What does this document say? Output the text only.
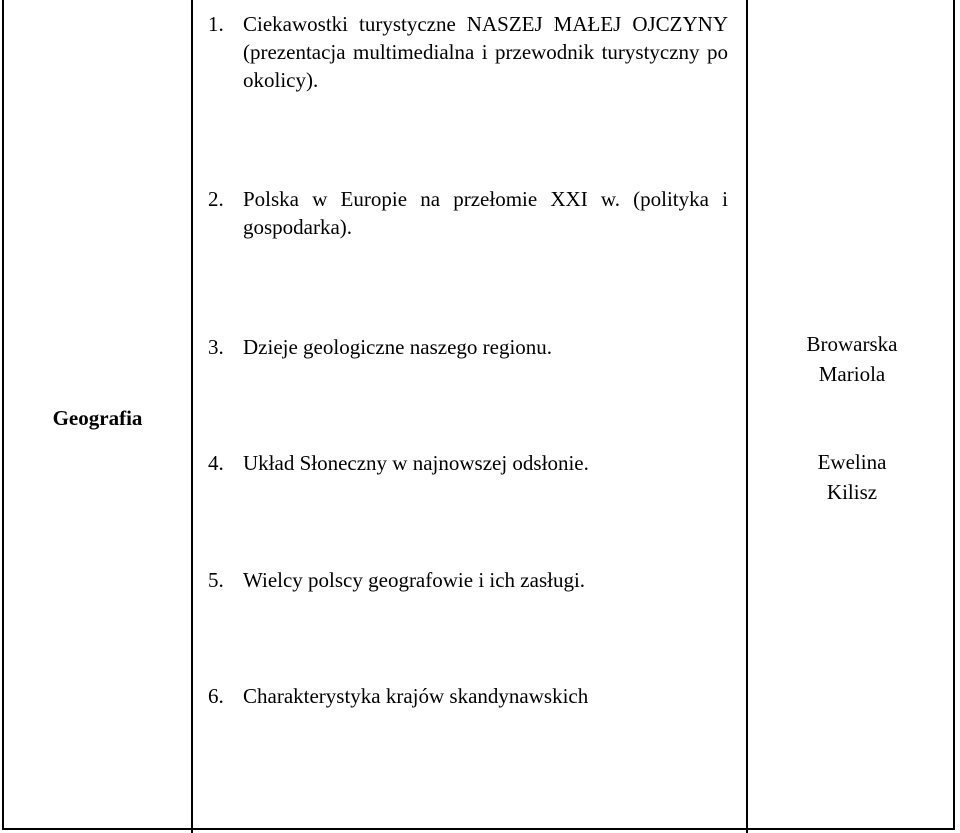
Geografia
1. Ciekawostki turystyczne NASZEJ MAŁEJ OJCZYNY (prezentacja multimedialna i przewodnik turystyczny po okolicy).
2. Polska w Europie na przełomie XXI w. (polityka i gospodarka).
3. Dzieje geologiczne naszego regionu.
4. Układ Słoneczny w najnowszej odsłonie.
5. Wielcy polscy geografowie i ich zasługi.
6. Charakterystyka krajów skandynawskich
Browarska
Mariola
Ewelina
Kilisz
